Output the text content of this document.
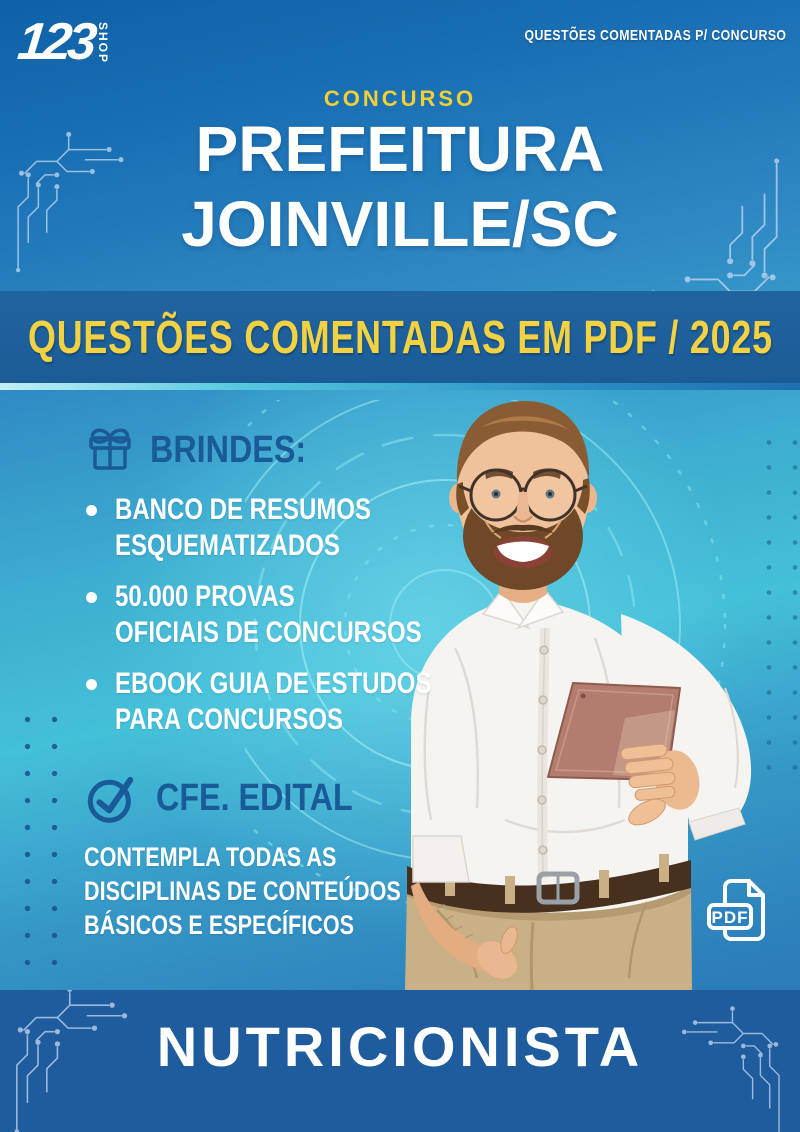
123 SHOP	QUESTÕES COMENTADAS P/ CONCURSO
CONCURSO
PREFEITURA
JOINVILLE/SC
QUESTÕES COMENTADAS EM PDF / 2025
BRINDES:
BANCO DE RESUMOS
ESQUEMATIZADOS
50.000 PROVAS
OFICIAIS DE CONCURSOS
EBOOK GUIA DE ESTUDOS
PARA CONCURSOS
CFE. EDITAL
CONTEMPLA TODAS AS
DISCIPLINAS DE CONTEÚDOS
BÁSICOS E ESPECÍFICOS	PDF
NUTRICIONISTA
